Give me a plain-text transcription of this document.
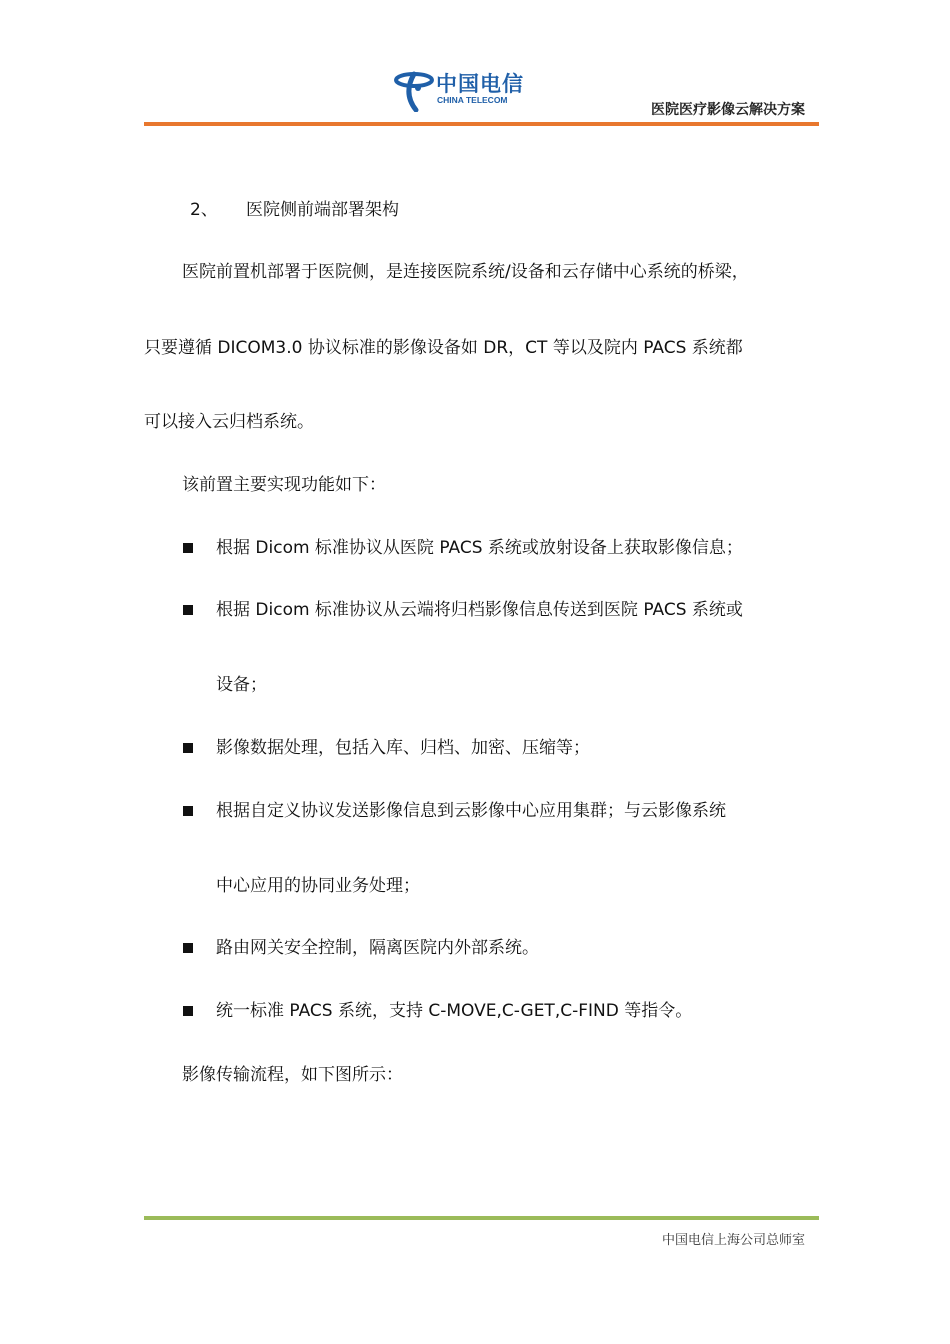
中国电信
CHINA TELECOM
医院医疗影像云解决方案
2、 医院侧前端部署架构
医院前置机部署于医院侧，是连接医院系统/设备和云存储中心系统的桥梁，
只要遵循 DICOM3.0 协议标准的影像设备如 DR，CT 等以及院内 PACS 系统都
可以接入云归档系统。
该前置主要实现功能如下：
根据 Dicom 标准协议从医院 PACS 系统或放射设备上获取影像信息；
根据 Dicom 标准协议从云端将归档影像信息传送到医院 PACS 系统或
设备；
影像数据处理，包括入库、归档、加密、压缩等；
根据自定义协议发送影像信息到云影像中心应用集群；与云影像系统
中心应用的协同业务处理；
路由网关安全控制，隔离医院内外部系统。
统一标准 PACS 系统，支持 C-MOVE,C-GET,C-FIND 等指令。
影像传输流程，如下图所示：
中国电信上海公司总师室
